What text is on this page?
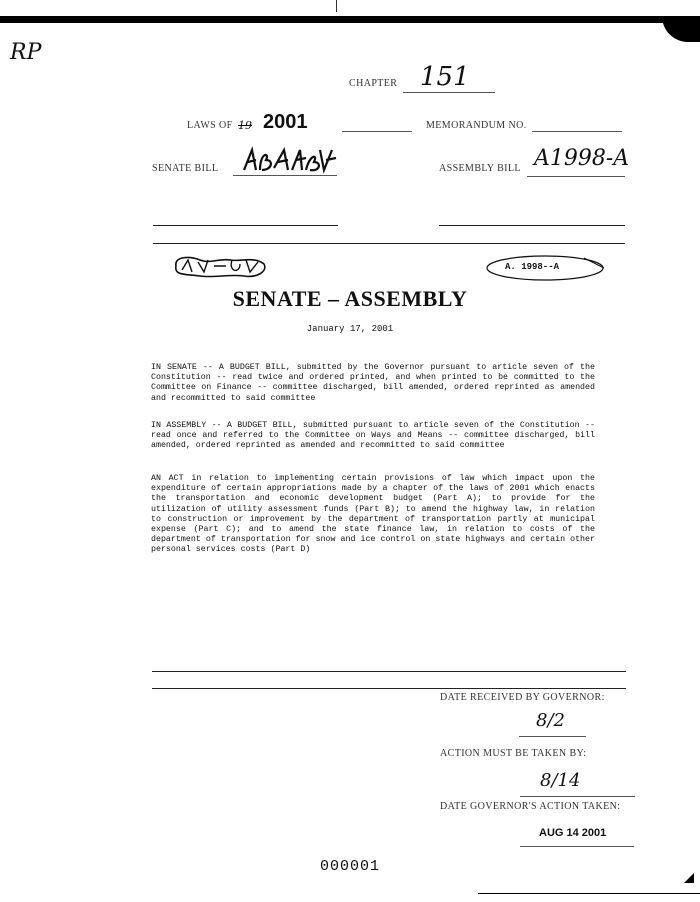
RP
CHAPTER 151
LAWS OF 19 2001	MEMORANDUM NO.
SENATE BILL	ASSEMBLY BILL A1998-A
A. 1998--A
SENATE – ASSEMBLY
January 17, 2001
IN SENATE -- A BUDGET BILL, submitted by the Governor pursuant to article seven of the Constitution -- read twice and ordered printed, and when printed to be committed to the Committee on Finance -- committee discharged, bill amended, ordered reprinted as amended and recommitted to said committee
IN ASSEMBLY -- A BUDGET BILL, submitted pursuant to article seven of the Constitution -- read once and referred to the Committee on Ways and Means -- committee discharged, bill amended, ordered reprinted as amended and recommitted to said committee
AN ACT in relation to implementing certain provisions of law which impact upon the expenditure of certain appropriations made by a chapter of the laws of 2001 which enacts the transportation and economic development budget (Part A); to provide for the utilization of utility assessment funds (Part B); to amend the highway law, in relation to construction or improvement by the department of transportation partly at municipal expense (Part C); and to amend the state finance law, in relation to costs of the department of transportation for snow and ice control on state highways and certain other personal services costs (Part D)
DATE RECEIVED BY GOVERNOR:
8/2
ACTION MUST BE TAKEN BY:
8/14
DATE GOVERNOR'S ACTION TAKEN:
AUG 14 2001
000001
